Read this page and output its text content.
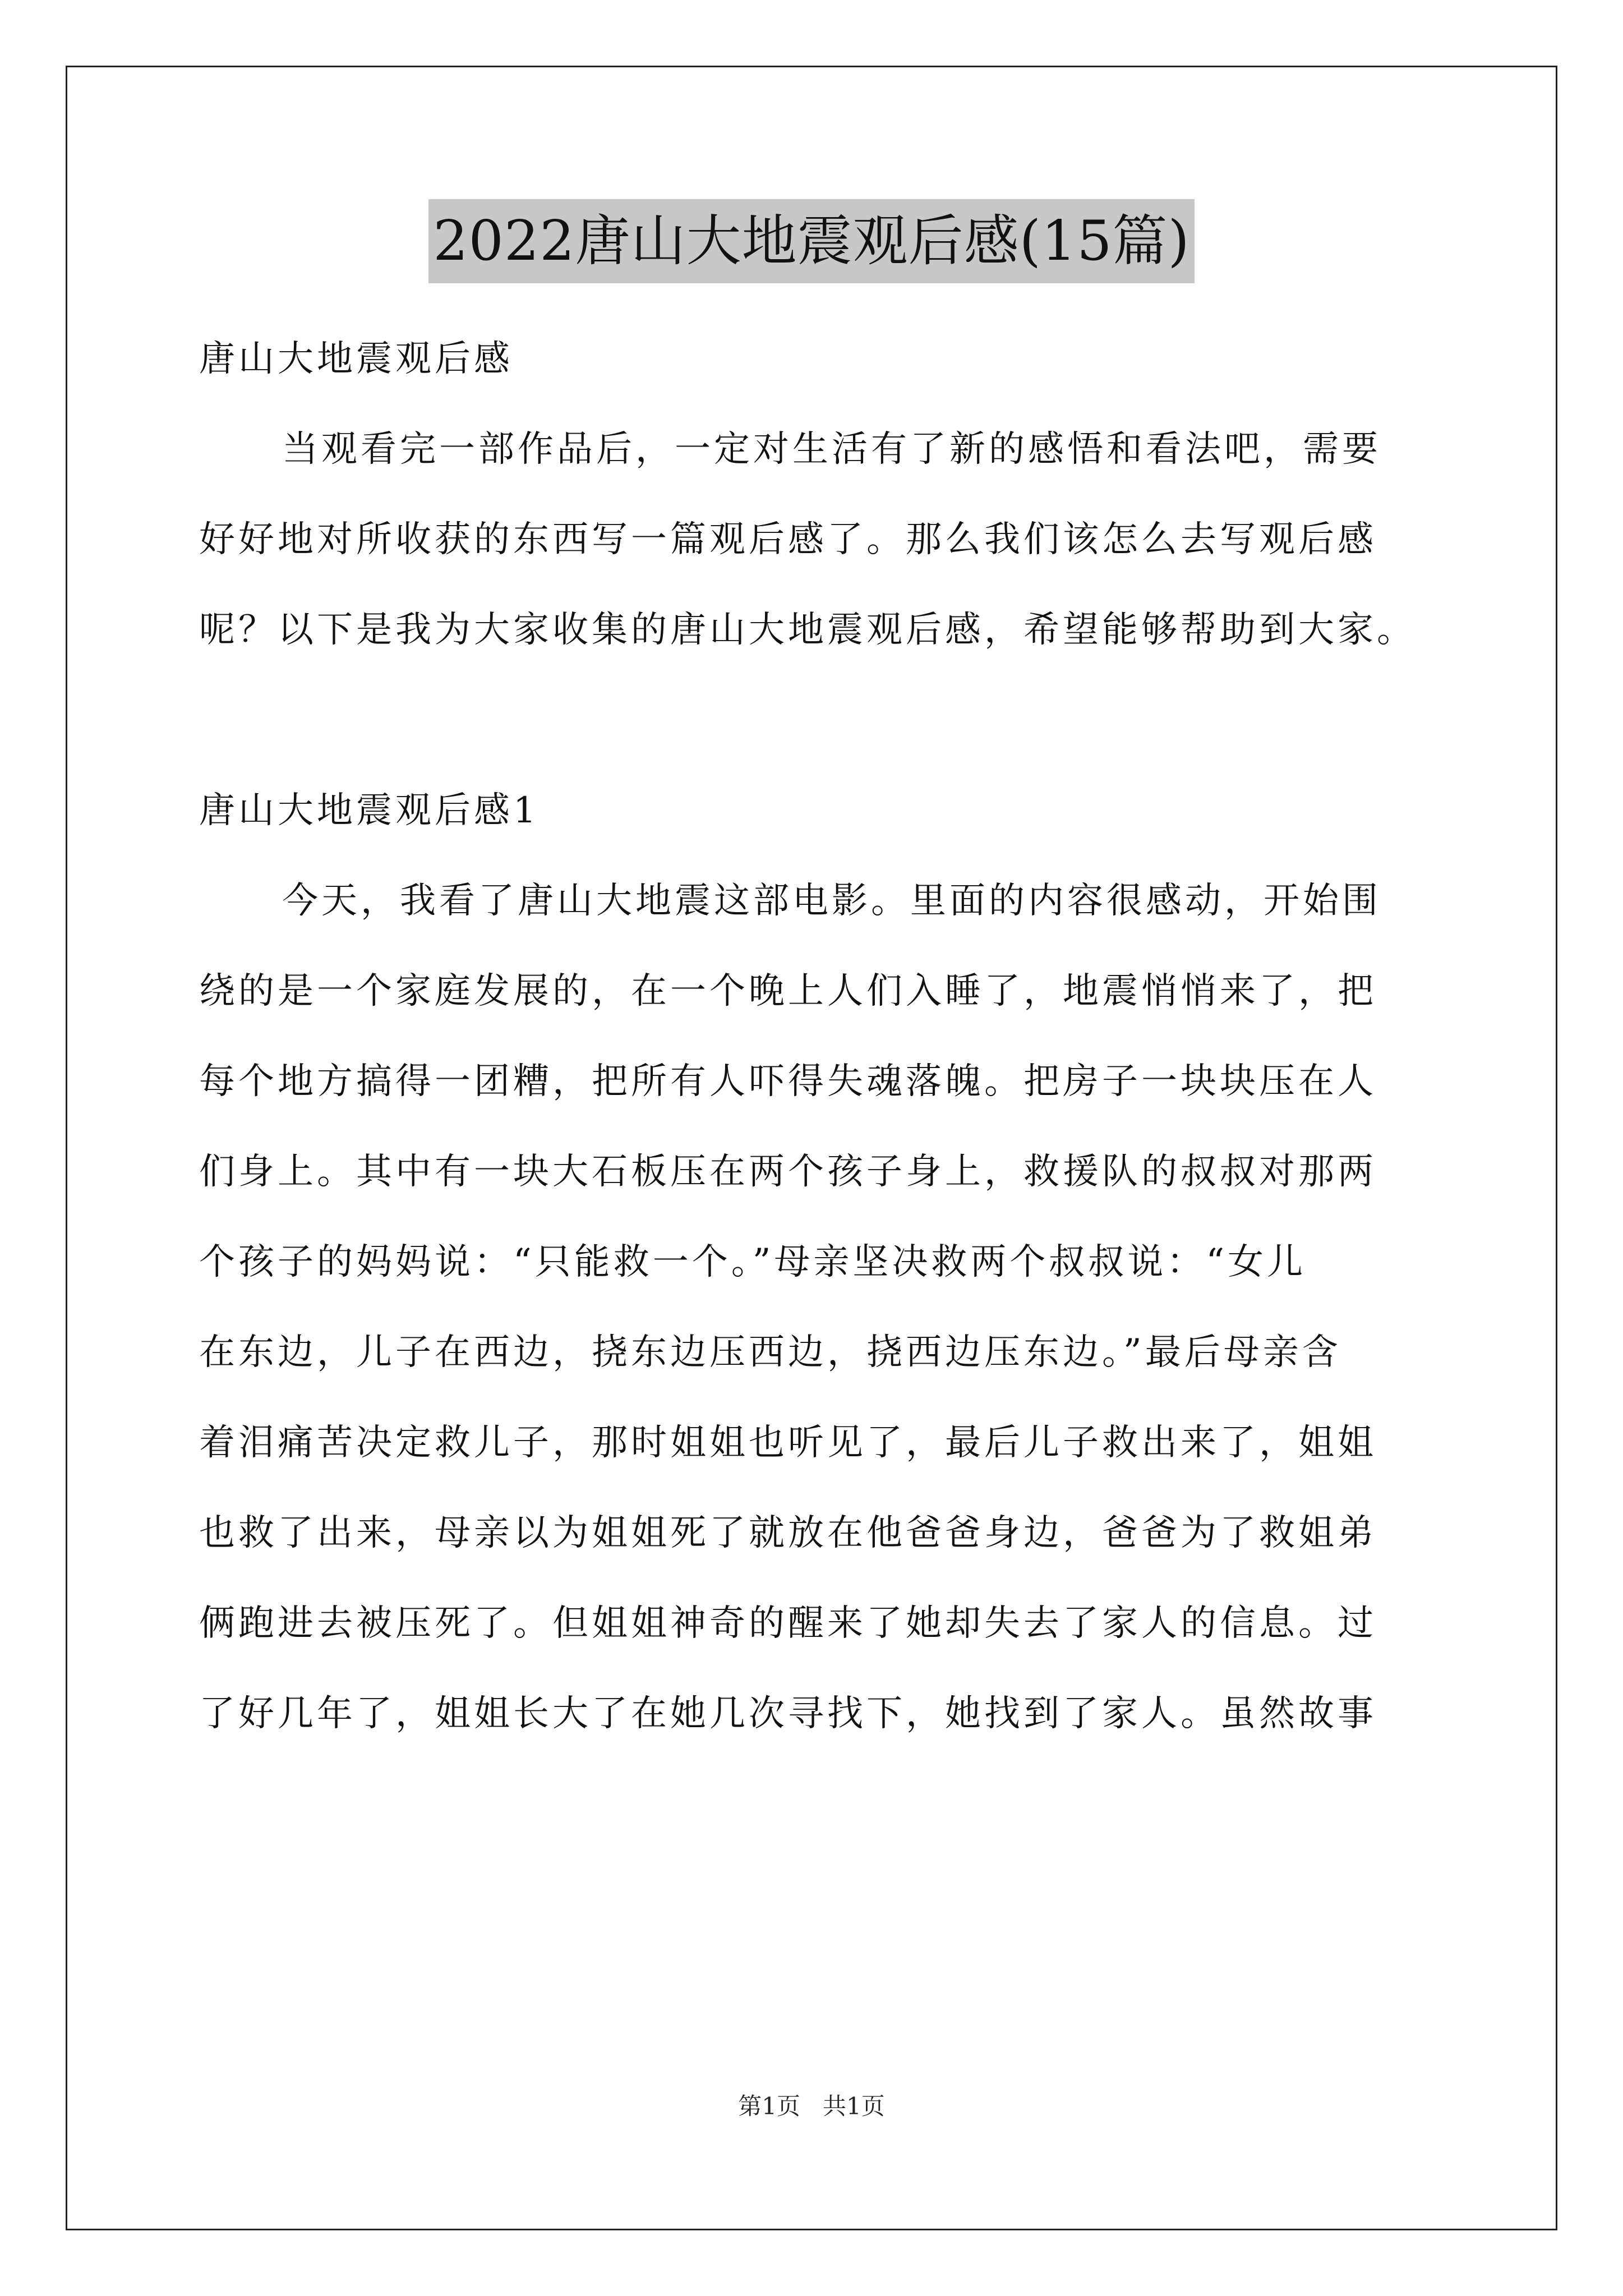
2022唐山大地震观后感(15篇)
唐山大地震观后感
当观看完一部作品后，一定对生活有了新的感悟和看法吧，需要
好好地对所收获的东西写一篇观后感了。那么我们该怎么去写观后感
呢？以下是我为大家收集的唐山大地震观后感，希望能够帮助到大家。
唐山大地震观后感1
今天，我看了唐山大地震这部电影。里面的内容很感动，开始围
绕的是一个家庭发展的，在一个晚上人们入睡了，地震悄悄来了，把
每个地方搞得一团糟，把所有人吓得失魂落魄。把房子一块块压在人
们身上。其中有一块大石板压在两个孩子身上，救援队的叔叔对那两
个孩子的妈妈说：“只能救一个。”母亲坚决救两个叔叔说：“女儿
在东边，儿子在西边，挠东边压西边，挠西边压东边。”最后母亲含
着泪痛苦决定救儿子，那时姐姐也听见了，最后儿子救出来了，姐姐
也救了出来，母亲以为姐姐死了就放在他爸爸身边，爸爸为了救姐弟
俩跑进去被压死了。但姐姐神奇的醒来了她却失去了家人的信息。过
了好几年了，姐姐长大了在她几次寻找下，她找到了家人。虽然故事
第1页 共1页
